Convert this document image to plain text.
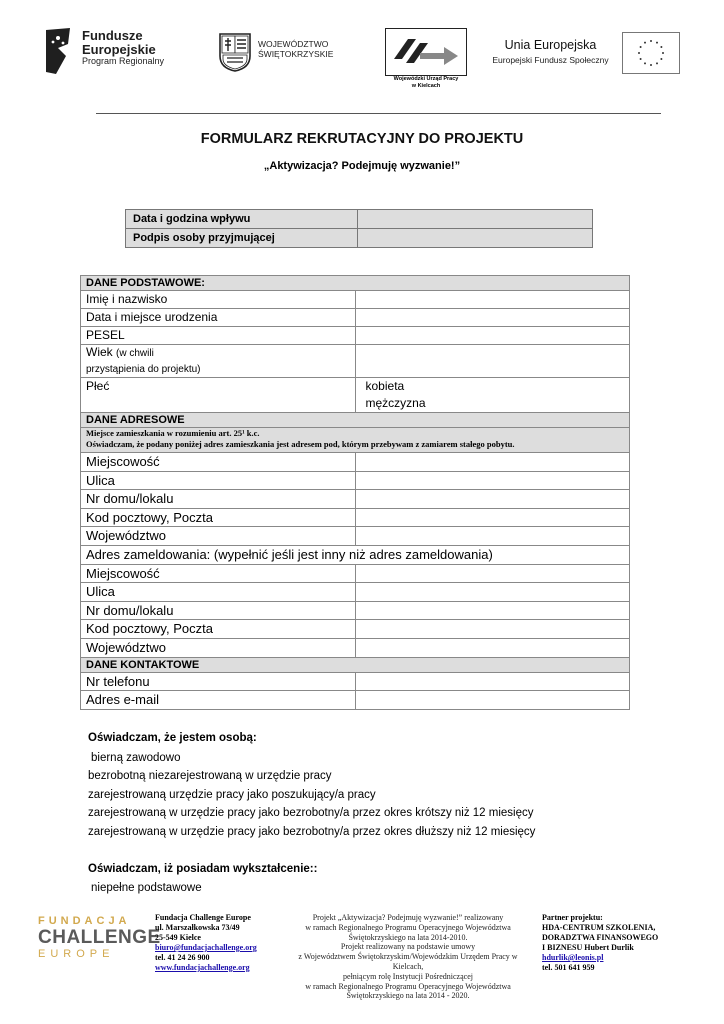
Fundusze
Europejskie
Program Regionalny
WOJEWÓDZTWO
ŚWIĘTOKRZYSKIE
Wojewódzki Urząd Pracy
w Kielcach
Unia Europejska
Europejski Fundusz Społeczny
FORMULARZ REKRUTACYJNY DO PROJEKTU
„Aktywizacja? Podejmuję wyzwanie!”
Data i godzina wpływu	
Podpis osoby przyjmującej	
DANE PODSTAWOWE:	
Imię i nazwisko	
Data i miejsce urodzenia	
PESEL	
Wiek (w chwili
przystąpienia do projektu)	
Płeć	kobieta
mężczyzna

DANE ADRESOWE	

Miejsce zamieszkania w rozumieniu art. 25¹ k.c.
Oświadczam, że podany poniżej adres zamieszkania jest adresem pod, którym przebywam z zamiarem stałego pobytu.	

Miejscowość	
Ulica	
Nr domu/lokalu	
Kod pocztowy, Poczta	
Województwo	
Adres zameldowania: (wypełnić jeśli jest inny niż adres zameldowania)	
Miejscowość	
Ulica	
Nr domu/lokalu	
Kod pocztowy, Poczta	
Województwo	
DANE KONTAKTOWE	
Nr telefonu	
Adres e-mail	
Oświadczam, że jestem osobą:
bierną zawodowo
bezrobotną niezarejestrowaną w urzędzie pracy
zarejestrowaną urzędzie pracy jako poszukujący/a pracy
zarejestrowaną w urzędzie pracy jako bezrobotny/a przez okres krótszy niż 12 miesięcy
zarejestrowaną w urzędzie pracy jako bezrobotny/a przez okres dłuższy niż 12 miesięcy
Oświadczam, iż posiadam wykształcenie::
niepełne podstawowe
FUNDACJA
CHALLENGE
EUROPE
Fundacja Challenge Europe
ul. Marszałkowska 73/49
25-549 Kielce
biuro@fundacjachallenge.org
tel. 41 24 26 900
www.fundacjachallenge.org
Projekt „Aktywizacja? Podejmuję wyzwanie!” realizowany
w ramach Regionalnego Programu Operacyjnego Województwa
Świętokrzyskiego na lata 2014-2010.
Projekt realizowany na podstawie umowy
z Województwem Świętokrzyskim/Wojewódzkim Urzędem Pracy w Kielcach,
pełniącym rolę Instytucji Pośredniczącej
w ramach Regionalnego Programu Operacyjnego Województwa
Świętokrzyskiego na lata 2014 - 2020.
Partner projektu:
HDA-CENTRUM SZKOLENIA,
DORADZTWA FINANSOWEGO
I BIZNESU Hubert Durlik
hdurlik@leonis.pl
tel. 501 641 959
